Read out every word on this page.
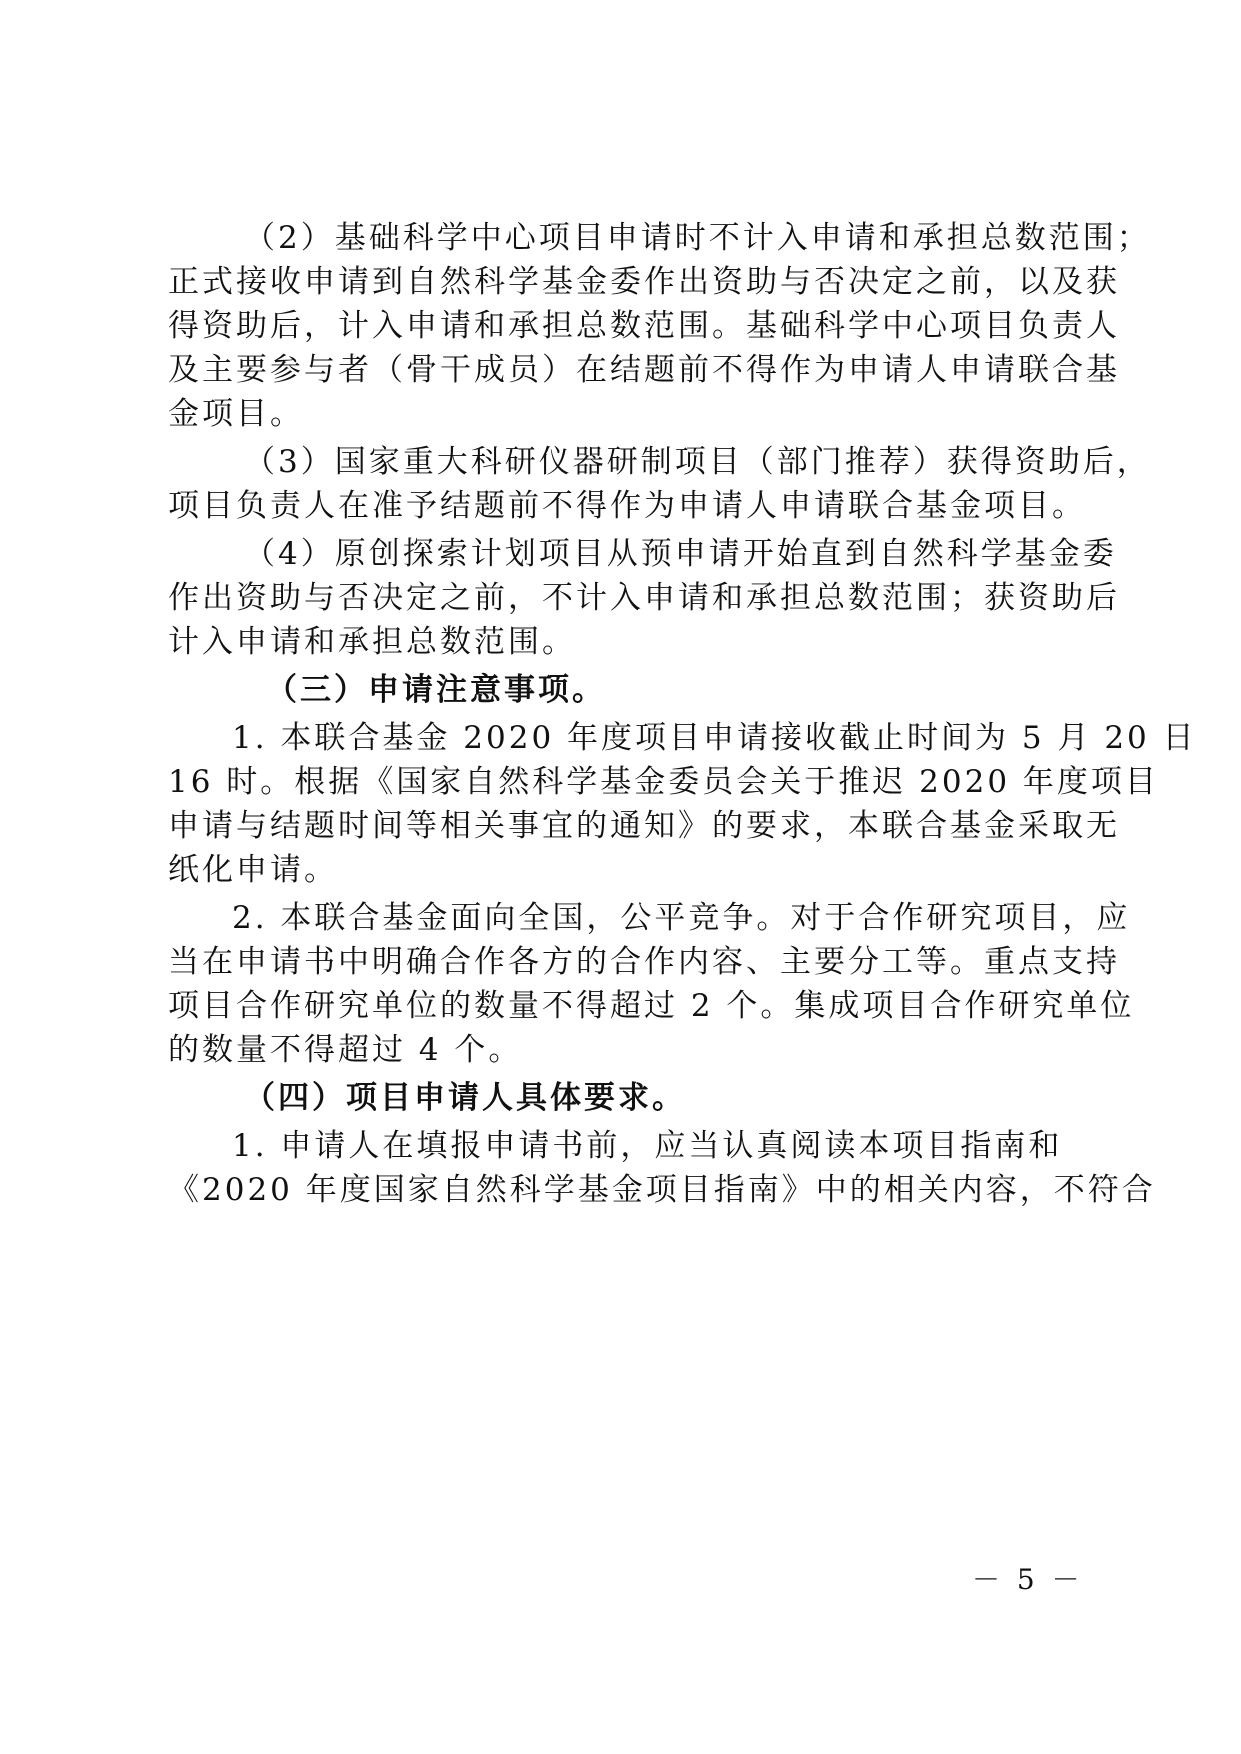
（2）基础科学中心项目申请时不计入申请和承担总数范围；
正式接收申请到自然科学基金委作出资助与否决定之前，以及获
得资助后，计入申请和承担总数范围。基础科学中心项目负责人
及主要参与者（骨干成员）在结题前不得作为申请人申请联合基
金项目。
（3）国家重大科研仪器研制项目（部门推荐）获得资助后，
项目负责人在准予结题前不得作为申请人申请联合基金项目。
（4）原创探索计划项目从预申请开始直到自然科学基金委
作出资助与否决定之前，不计入申请和承担总数范围；获资助后
计入申请和承担总数范围。
（三）申请注意事项。
1. 本联合基金 2020 年度项目申请接收截止时间为 5 月 20 日
16 时。根据《国家自然科学基金委员会关于推迟 2020 年度项目
申请与结题时间等相关事宜的通知》的要求，本联合基金采取无
纸化申请。
2. 本联合基金面向全国，公平竞争。对于合作研究项目，应
当在申请书中明确合作各方的合作内容、主要分工等。重点支持
项目合作研究单位的数量不得超过 2 个。集成项目合作研究单位
的数量不得超过 4 个。
（四）项目申请人具体要求。
1. 申请人在填报申请书前，应当认真阅读本项目指南和
《2020 年度国家自然科学基金项目指南》中的相关内容，不符合
－ 5 －
